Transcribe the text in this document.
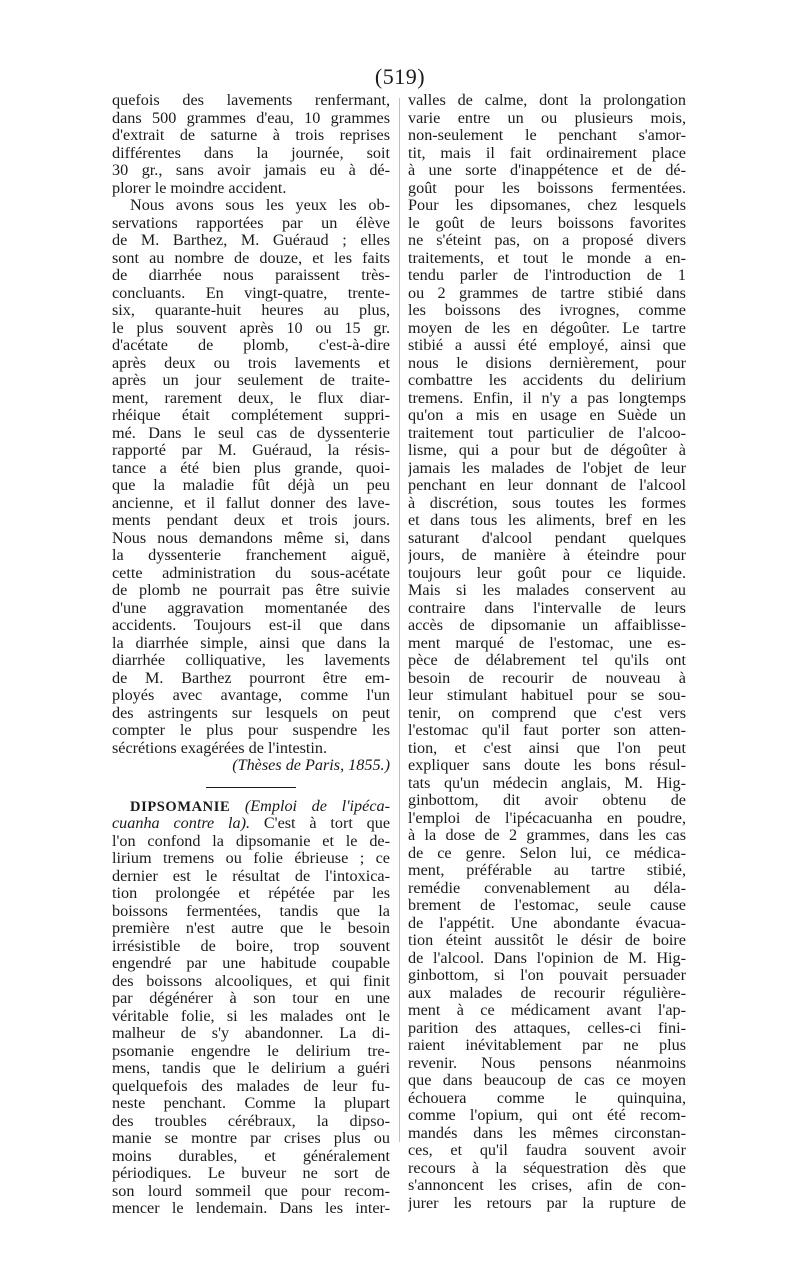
(519)
quefois des lavements renfermant,
dans 500 grammes d'eau, 10 grammes
d'extrait de saturne à trois reprises
différentes dans la journée, soit
30 gr., sans avoir jamais eu à dé-
plorer le moindre accident.
Nous avons sous les yeux les ob-
servations rapportées par un élève
de M. Barthez, M. Guéraud ; elles
sont au nombre de douze, et les faits
de diarrhée nous paraissent très-
concluants. En vingt-quatre, trente-
six, quarante-huit heures au plus,
le plus souvent après 10 ou 15 gr.
d'acétate de plomb, c'est-à-dire
après deux ou trois lavements et
après un jour seulement de traite-
ment, rarement deux, le flux diar-
rhéique était complétement suppri-
mé. Dans le seul cas de dyssenterie
rapporté par M. Guéraud, la résis-
tance a été bien plus grande, quoi-
que la maladie fût déjà un peu
ancienne, et il fallut donner des lave-
ments pendant deux et trois jours.
Nous nous demandons même si, dans
la dyssenterie franchement aiguë,
cette administration du sous-acétate
de plomb ne pourrait pas être suivie
d'une aggravation momentanée des
accidents. Toujours est-il que dans
la diarrhée simple, ainsi que dans la
diarrhée colliquative, les lavements
de M. Barthez pourront être em-
ployés avec avantage, comme l'un
des astringents sur lesquels on peut
compter le plus pour suspendre les
sécrétions exagérées de l'intestin.
(Thèses de Paris, 1855.)
DIPSOMANIE (Emploi de l'ipéca-
cuanha contre la). C'est à tort que
l'on confond la dipsomanie et le de-
lirium tremens ou folie ébrieuse ; ce
dernier est le résultat de l'intoxica-
tion prolongée et répétée par les
boissons fermentées, tandis que la
première n'est autre que le besoin
irrésistible de boire, trop souvent
engendré par une habitude coupable
des boissons alcooliques, et qui finit
par dégénérer à son tour en une
véritable folie, si les malades ont le
malheur de s'y abandonner. La di-
psomanie engendre le delirium tre-
mens, tandis que le delirium a guéri
quelquefois des malades de leur fu-
neste penchant. Comme la plupart
des troubles cérébraux, la dipso-
manie se montre par crises plus ou
moins durables, et généralement
périodiques. Le buveur ne sort de
son lourd sommeil que pour recom-
mencer le lendemain. Dans les inter-
valles de calme, dont la prolongation
varie entre un ou plusieurs mois,
non-seulement le penchant s'amor-
tit, mais il fait ordinairement place
à une sorte d'inappétence et de dé-
goût pour les boissons fermentées.
Pour les dipsomanes, chez lesquels
le goût de leurs boissons favorites
ne s'éteint pas, on a proposé divers
traitements, et tout le monde a en-
tendu parler de l'introduction de 1
ou 2 grammes de tartre stibié dans
les boissons des ivrognes, comme
moyen de les en dégoûter. Le tartre
stibié a aussi été employé, ainsi que
nous le disions dernièrement, pour
combattre les accidents du delirium
tremens. Enfin, il n'y a pas longtemps
qu'on a mis en usage en Suède un
traitement tout particulier de l'alcoo-
lisme, qui a pour but de dégoûter à
jamais les malades de l'objet de leur
penchant en leur donnant de l'alcool
à discrétion, sous toutes les formes
et dans tous les aliments, bref en les
saturant d'alcool pendant quelques
jours, de manière à éteindre pour
toujours leur goût pour ce liquide.
Mais si les malades conservent au
contraire dans l'intervalle de leurs
accès de dipsomanie un affaiblisse-
ment marqué de l'estomac, une es-
pèce de délabrement tel qu'ils ont
besoin de recourir de nouveau à
leur stimulant habituel pour se sou-
tenir, on comprend que c'est vers
l'estomac qu'il faut porter son atten-
tion, et c'est ainsi que l'on peut
expliquer sans doute les bons résul-
tats qu'un médecin anglais, M. Hig-
ginbottom, dit avoir obtenu de
l'emploi de l'ipécacuanha en poudre,
à la dose de 2 grammes, dans les cas
de ce genre. Selon lui, ce médica-
ment, préférable au tartre stibié,
remédie convenablement au déla-
brement de l'estomac, seule cause
de l'appétit. Une abondante évacua-
tion éteint aussitôt le désir de boire
de l'alcool. Dans l'opinion de M. Hig-
ginbottom, si l'on pouvait persuader
aux malades de recourir régulière-
ment à ce médicament avant l'ap-
parition des attaques, celles-ci fini-
raient inévitablement par ne plus
revenir. Nous pensons néanmoins
que dans beaucoup de cas ce moyen
échouera comme le quinquina,
comme l'opium, qui ont été recom-
mandés dans les mêmes circonstan-
ces, et qu'il faudra souvent avoir
recours à la séquestration dès que
s'annoncent les crises, afin de con-
jurer les retours par la rupture de
